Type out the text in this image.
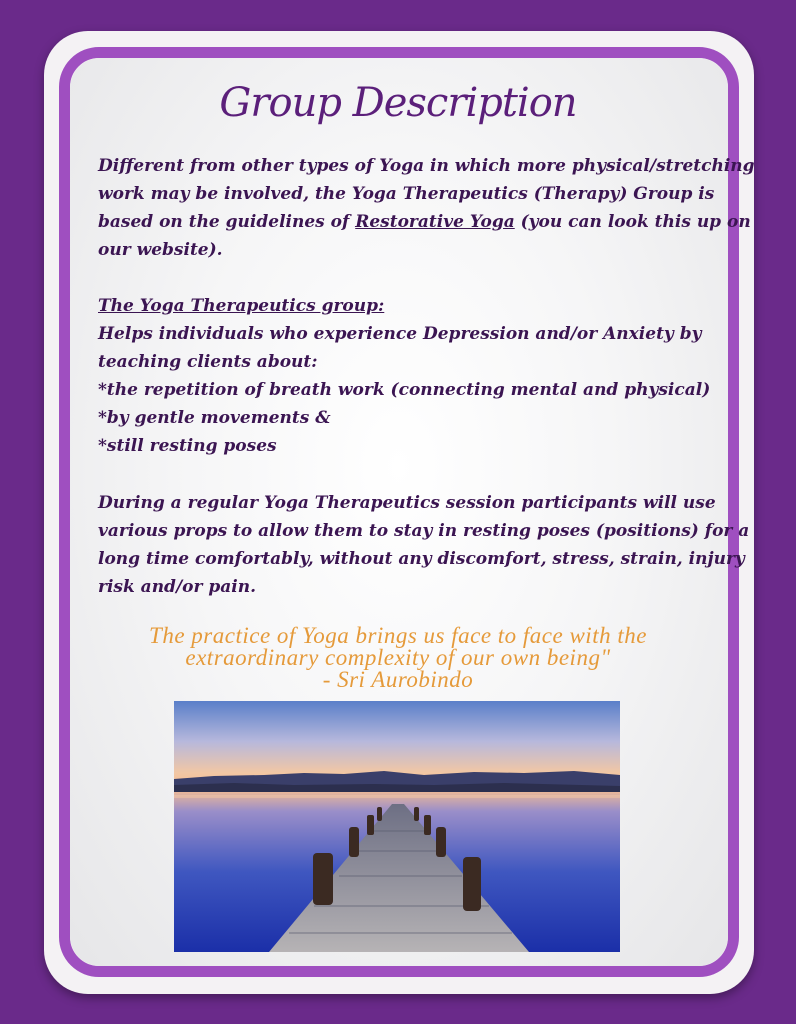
Group Description
Different from other types of Yoga in which more physical/stretching
work may be involved, the Yoga Therapeutics (Therapy) Group is
based on the guidelines of Restorative Yoga (you can look this up on
our website).
The Yoga Therapeutics group:
Helps individuals who experience Depression and/or Anxiety by
teaching clients about:
*the repetition of breath work (connecting mental and physical)
*by gentle movements &
*still resting poses
During a regular Yoga Therapeutics session participants will use
various props to allow them to stay in resting poses (positions) for a
long time comfortably, without any discomfort, stress, strain, injury
risk and/or pain.
The practice of Yoga brings us face to face with the
extraordinary complexity of our own being"
- Sri Aurobindo
